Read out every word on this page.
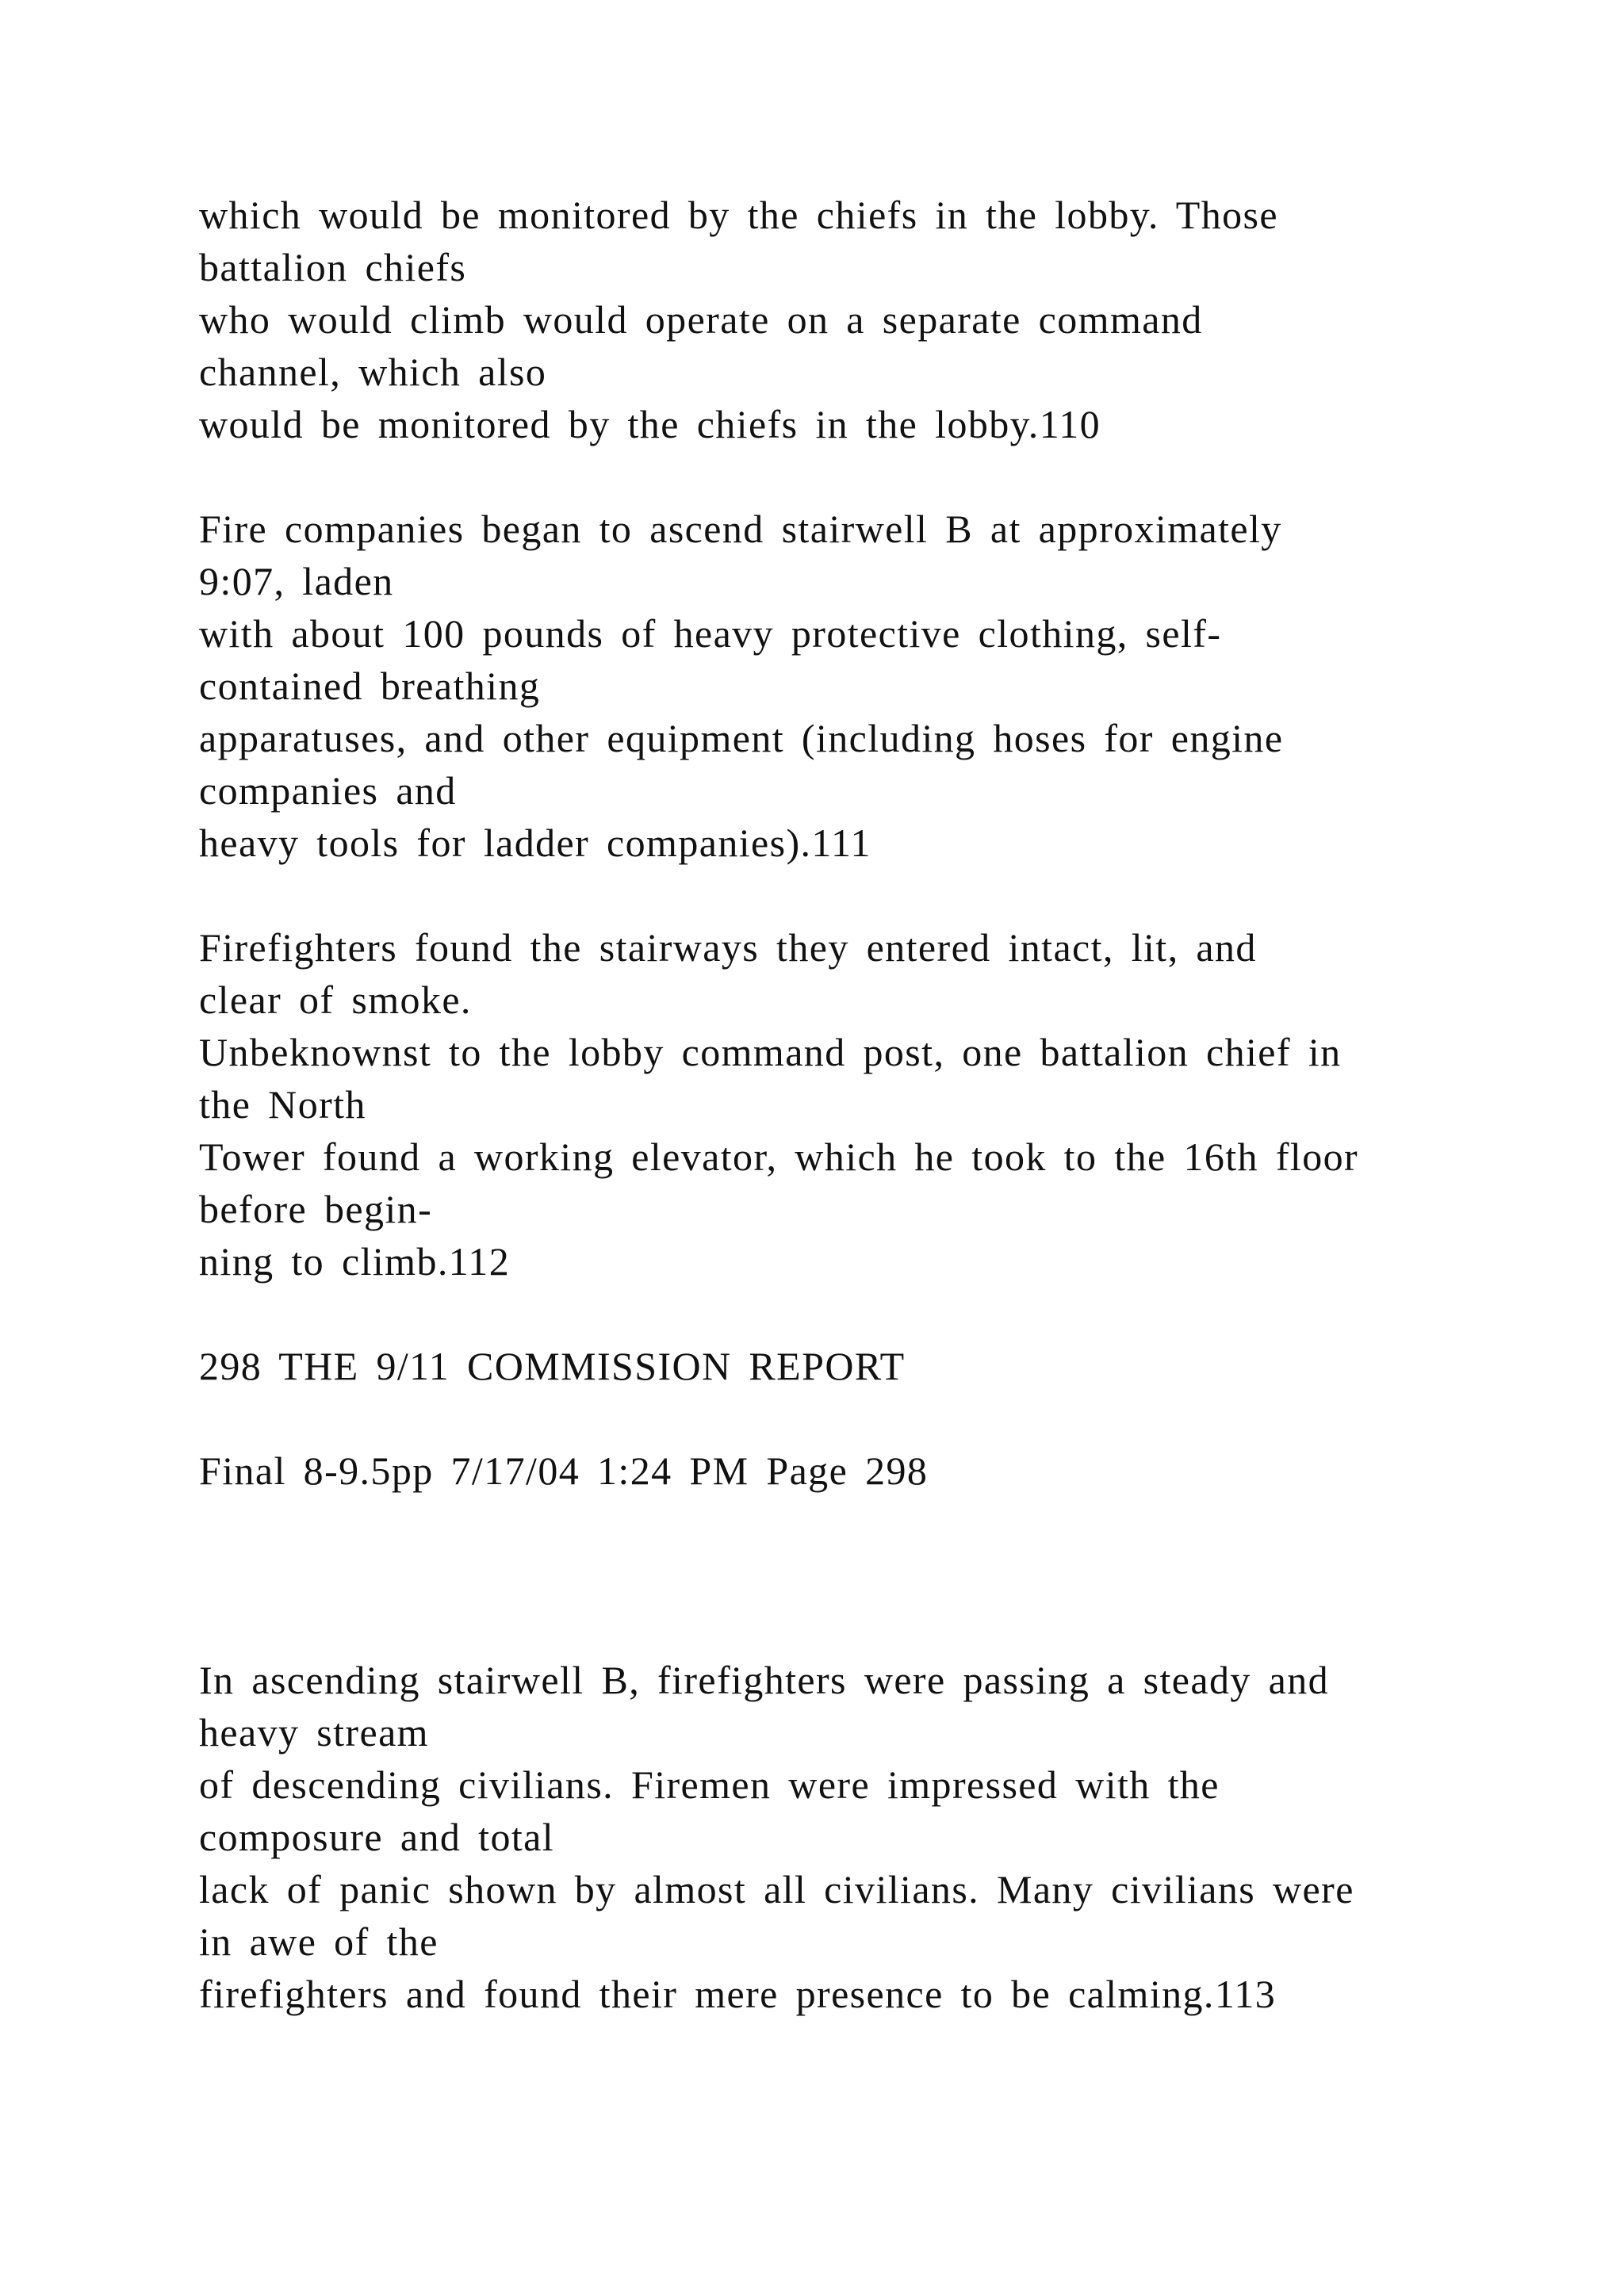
which would be monitored by the chiefs in the lobby. Those
battalion chiefs
who would climb would operate on a separate command
channel, which also
would be monitored by the chiefs in the lobby.110
Fire companies began to ascend stairwell B at approximately
9:07, laden
with about 100 pounds of heavy protective clothing, self-
contained breathing
apparatuses, and other equipment (including hoses for engine
companies and
heavy tools for ladder companies).111
Firefighters found the stairways they entered intact, lit, and
clear of smoke.
Unbeknownst to the lobby command post, one battalion chief in
the North
Tower found a working elevator, which he took to the 16th floor
before begin-
ning to climb.112
298 THE 9/11 COMMISSION REPORT
Final 8-9.5pp 7/17/04 1:24 PM Page 298
In ascending stairwell B, firefighters were passing a steady and
heavy stream
of descending civilians. Firemen were impressed with the
composure and total
lack of panic shown by almost all civilians. Many civilians were
in awe of the
firefighters and found their mere presence to be calming.113
